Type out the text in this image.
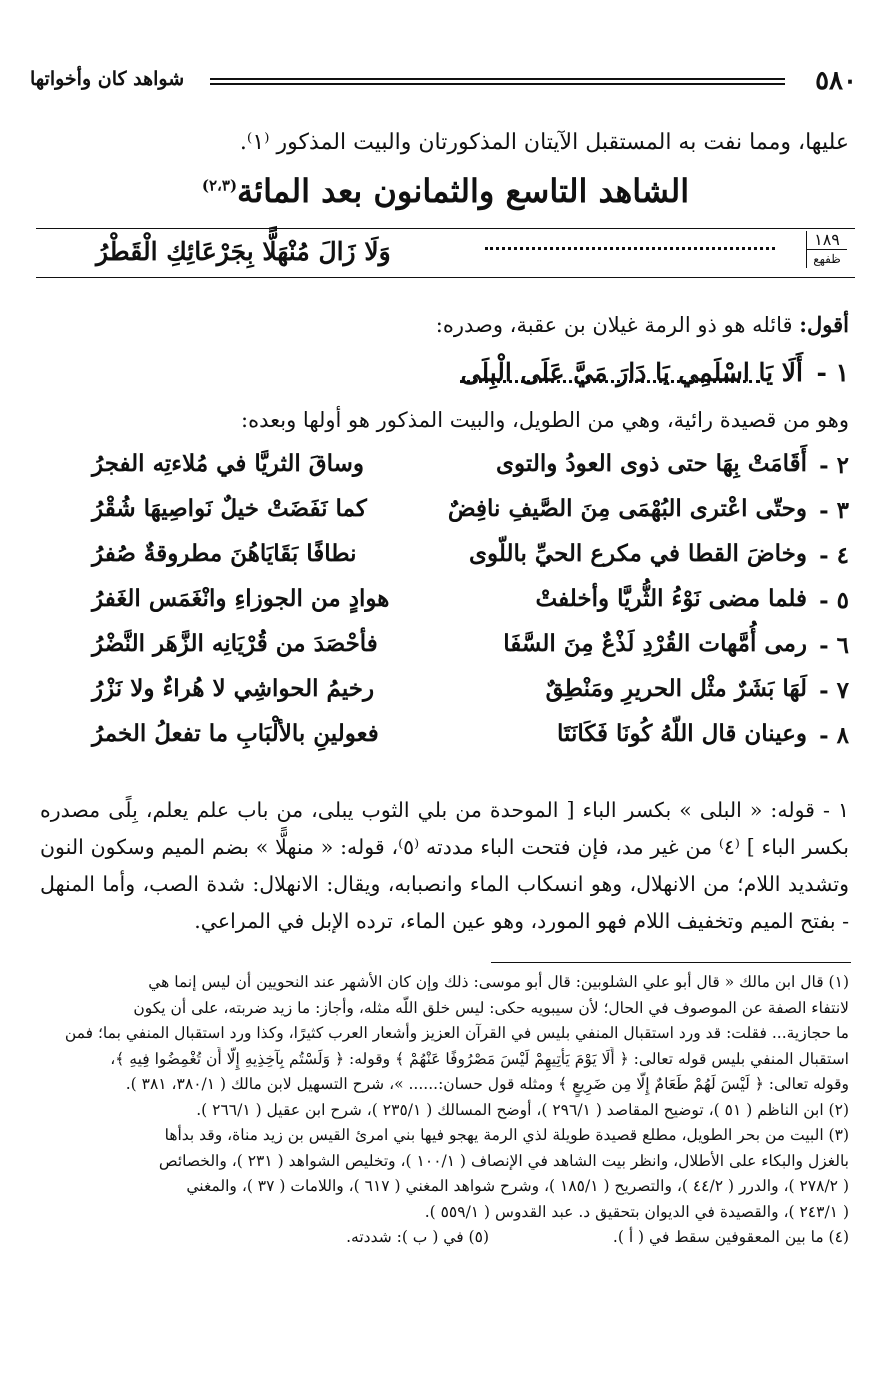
٥٨٠
شواهد كان وأخواتها
عليها، ومما نفت به المستقبل الآيتان المذكورتان والبيت المذكور ⁽١⁾.
الشاهد التاسع والثمانون بعد المائة$^{(٢،٣)}$
١٨٩
ظفهع
وَلَا زَالَ مُنْهَلًّا بِجَرْعَائِكِ الْقَطْرُ
أقول: قائله هو ذو الرمة غيلان بن عقبة، وصدره:
١ -
أَلَا يَا اسْلَمِي يَا دَارَ مَيَّ عَلَى الْبِلَى
وهو من قصيدة رائية، وهي من الطويل، والبيت المذكور هو أولها وبعده:
٢ -
أَقَامَتْ بِهَا حتى ذوى العودُ والتوى
وساقَ الثريَّا في مُلاءتِه الفجرُ
٣ -
وحتّى اعْترى البُهْمَى مِنَ الصَّيفِ نافِضٌ
كما نَفَضَتْ خيلٌ نَواصِيهَا شُقْرُ
٤ -
وخاضَ القطا في مكرع الحيِّ باللّوى
نطافًا بَقَايَاهُنَ مطروقةٌ صُفرُ
٥ -
فلما مضى نَوْءُ الثُّريَّا وأخلفتْ
هوادٍ من الجوزاءِ وانْغَمَس الغَفرُ
٦ -
رمى أُمَّهات القُرْدِ لَذْعٌ مِنَ السَّفَا
فأحْصَدَ من قُرْيَانِه الزَّهَر النَّضْرُ
٧ -
لَهَا بَشَرٌ مثْل الحريرِ ومَنْطِقٌ
رخيمُ الحواشِي لا هُراءٌ ولا نَزْرُ
٨ -
وعينان قال اللّهُ كُونَا فَكَانَتَا
فعولينِ بالألْبَابِ ما تفعلُ الخمرُ
١ - قوله: « البلى » بكسر الباء [ الموحدة من بلي الثوب يبلى، من باب علم يعلم، بِلًى مصدره بكسر الباء ] ⁽٤⁾ من غير مد، فإن فتحت الباء مددته ⁽٥⁾، قوله: « منهلًّا » بضم الميم وسكون النون وتشديد اللام؛ من الانهلال، وهو انسكاب الماء وانصبابه، ويقال: الانهلال: شدة الصب، وأما المنهل - بفتح الميم وتخفيف اللام فهو المورد، وهو عين الماء، ترده الإبل في المراعي.
(١) قال ابن مالك « قال أبو علي الشلوبين: قال أبو موسى: ذلك وإن كان الأشهر عند النحويين أن ليس إنما هي
لانتفاء الصفة عن الموصوف في الحال؛ لأن سيبويه حكى: ليس خلق اللّه مثله، وأجاز: ما زيد ضربته، على أن يكون
ما حجازية... فقلت: قد ورد استقبال المنفي بليس في القرآن العزيز وأشعار العرب كثيرًا، وكذا ورد استقبال المنفي بما؛ فمن
استقبال المنفي بليس قوله تعالى: ﴿ أَلَا يَوْمَ يَأْتِيهِمْ لَيْسَ مَصْرُوفًا عَنْهُمْ ﴾ وقوله: ﴿ وَلَسْتُم بِآخِذِيهِ إِلَّا أَن تُغْمِضُوا فِيهِ ﴾،
وقوله تعالى: ﴿ لَيْسَ لَهُمْ طَعَامٌ إِلَّا مِن ضَرِيعٍ ﴾ ومثله قول حسان:...... »، شرح التسهيل لابن مالك ( ٣٨٠/١، ٣٨١ ).
(٢) ابن الناظم ( ٥١ )، توضيح المقاصد ( ٢٩٦/١ )، أوضح المسالك ( ٢٣٥/١ )، شرح ابن عقيل ( ٢٦٦/١ ).
(٣) البيت من بحر الطويل، مطلع قصيدة طويلة لذي الرمة يهجو فيها بني امرئ القيس بن زيد مناة، وقد بدأها
بالغزل والبكاء على الأطلال، وانظر بيت الشاهد في الإنصاف ( ١٠٠/١ )، وتخليص الشواهد ( ٢٣١ )، والخصائص
( ٢٧٨/٢ )، والدرر ( ٤٤/٢ )، والتصريح ( ١٨٥/١ )، وشرح شواهد المغني ( ٦١٧ )، واللامات ( ٣٧ )، والمغني
( ٢٤٣/١ )، والقصيدة في الديوان بتحقيق د. عبد القدوس ( ٥٥٩/١ ).
(٤) ما بين المعقوفين سقط في ( أ ).
(٥) في ( ب ): شددته.
